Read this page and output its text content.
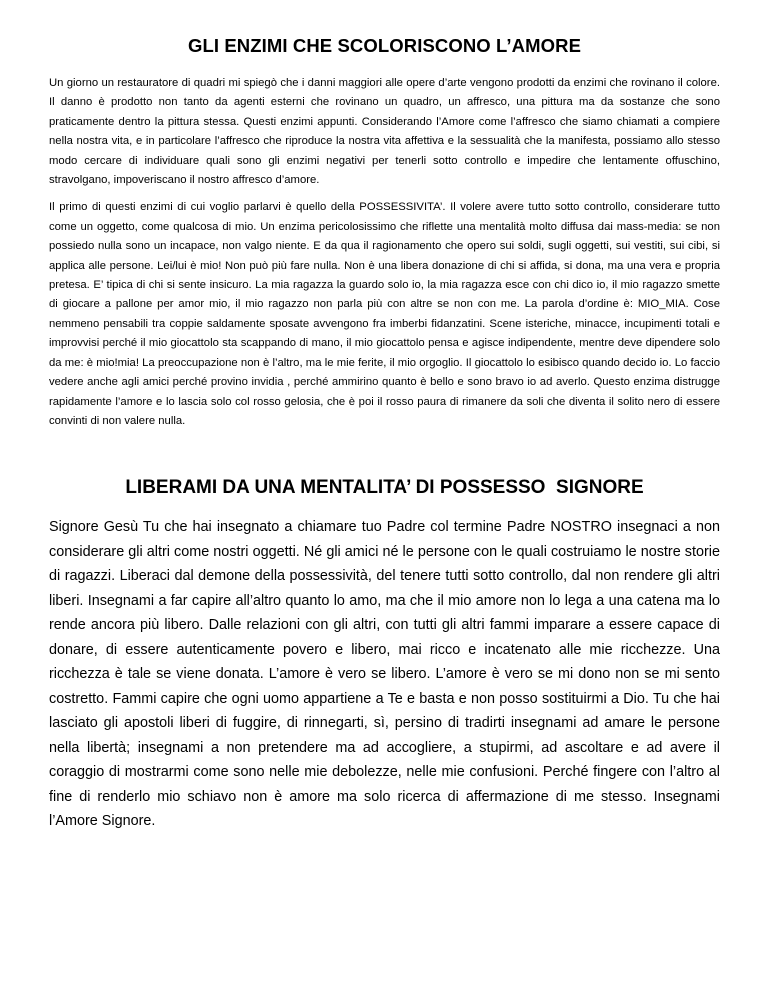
GLI ENZIMI CHE SCOLORISCONO L’AMORE

Un giorno un restauratore di quadri mi spiegò che i danni maggiori alle opere d’arte vengono prodotti da enzimi che rovinano il colore. Il danno è prodotto non tanto da agenti esterni che rovinano un quadro, un affresco, una pittura ma da sostanze che sono praticamente dentro la pittura stessa. Questi enzimi appunti. Considerando l’Amore come l’affresco che siamo chiamati a compiere nella nostra vita, e in particolare l’affresco che riproduce la nostra vita affettiva e la sessualità che la manifesta, possiamo allo stesso modo cercare di individuare quali sono gli enzimi negativi per tenerli sotto controllo e impedire che lentamente offuschino, stravolgano, impoveriscano il nostro affresco d’amore.

Il primo di questi enzimi di cui voglio parlarvi è quello della POSSESSIVITA’. Il volere avere tutto sotto controllo, considerare tutto come un oggetto, come qualcosa di mio. Un enzima pericolosissimo che riflette una mentalità molto diffusa dai mass-media: se non possiedo nulla sono un incapace, non valgo niente. E da qua il ragionamento che opero sui soldi, sugli oggetti, sui vestiti, sui cibi, si applica alle persone. Lei/lui è mio! Non può più fare nulla. Non è una libera donazione di chi si affida, si dona, ma una vera e propria pretesa. E’ tipica di chi si sente insicuro. La mia ragazza la guardo solo io, la mia ragazza esce con chi dico io, il mio ragazzo smette di giocare a pallone per amor mio, il mio ragazzo non parla più con altre se non con me. La parola d’ordine è: MIO_MIA. Cose nemmeno pensabili tra coppie saldamente sposate avvengono fra imberbi fidanzatini. Scene isteriche, minacce, incupimenti totali e improvvisi perché il mio giocattolo sta scappando di mano, il mio giocattolo pensa e agisce indipendente, mentre deve dipendere solo da me: è mio!mia! La preoccupazione non è l’altro, ma le mie ferite, il mio orgoglio. Il giocattolo lo esibisco quando decido io. Lo faccio vedere anche agli amici perché provino invidia , perché ammirino quanto è bello e sono bravo io ad averlo. Questo enzima distrugge rapidamente l’amore e lo lascia solo col rosso gelosia, che è poi il rosso paura di rimanere da soli che diventa il solito nero di essere convinti di non valere nulla.

LIBERAMI DA UNA MENTALITA’ DI POSSESSO  SIGNORE

Signore Gesù Tu che hai insegnato a chiamare tuo Padre col termine Padre NOSTRO insegnaci a non considerare gli altri come nostri oggetti. Né gli amici né le persone con le quali costruiamo le nostre storie di ragazzi. Liberaci dal demone della possessività, del tenere tutti sotto controllo, dal non rendere gli altri liberi. Insegnami a far capire all’altro quanto lo amo, ma che il mio amore non lo lega a una catena ma lo rende ancora più libero. Dalle relazioni con gli altri, con tutti gli altri fammi imparare a essere capace di donare, di essere autenticamente povero e libero, mai ricco e incatenato alle mie ricchezze. Una ricchezza è tale se viene donata. L’amore è vero se libero. L’amore è vero se mi dono non se mi sento costretto. Fammi capire che ogni uomo appartiene a Te e basta e non posso sostituirmi a Dio. Tu che hai lasciato gli apostoli liberi di fuggire, di rinnegarti, sì, persino di tradirti insegnami ad amare le persone nella libertà; insegnami a non pretendere ma ad accogliere, a stupirmi, ad ascoltare e ad avere il coraggio di mostrarmi come sono nelle mie debolezze, nelle mie confusioni. Perché fingere con l’altro al fine di renderlo mio schiavo non è amore ma solo ricerca di affermazione di me stesso. Insegnami l’Amore Signore.
